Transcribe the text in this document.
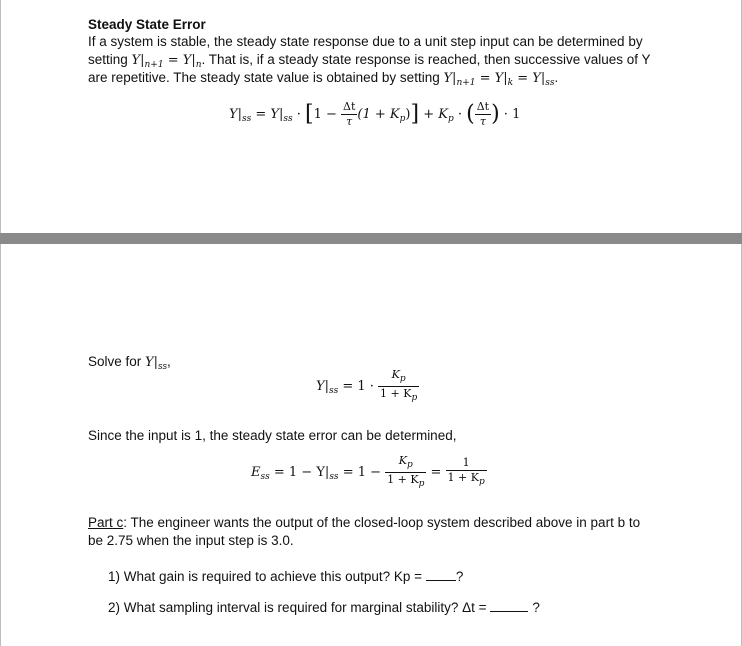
Steady State Error
If a system is stable, the steady state response due to a unit step input can be determined by
setting $Y|_{n+1} = Y|_n$. That is, if a steady state response is reached, then successive values of Y
are repetitive. The steady state value is obtained by setting $Y|_{n+1} = Y|_k = Y|_{ss}$.
$Y|_{ss} = Y|_{ss} \cdot [1 - \frac{\Delta t}{\tau} (1 + K_p)] + K_p$ · ( $\frac{\Delta t}{\tau}$ ) · 1
Solve for $Y|_{ss}$,
$Y|_{ss} = 1 \cdot \frac{K_p}{1 + K_p}$
Since the input is 1, the steady state error can be determined,
$E_{ss} = 1 - Y|_{ss} = 1 - \frac{K_p}{1 + K_p} = \frac{1}{1 + K_p}$
Part c: The engineer wants the output of the closed-loop system described above in part b to
be 2.75 when the input step is 3.0.
1) What gain is required to achieve this output? Kp = ?
2) What sampling interval is required for marginal stability? Δt =	?
